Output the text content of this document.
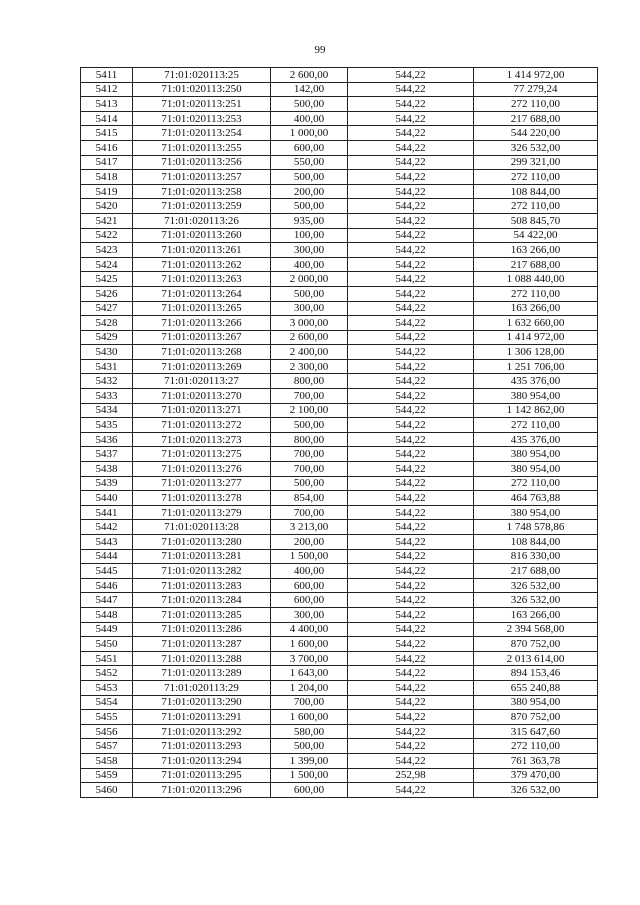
99
5411	71:01:020113:25	2 600,00	544,22	1 414 972,00
5412	71:01:020113:250	142,00	544,22	77 279,24
5413	71:01:020113:251	500,00	544,22	272 110,00
5414	71:01:020113:253	400,00	544,22	217 688,00
5415	71:01:020113:254	1 000,00	544,22	544 220,00
5416	71:01:020113:255	600,00	544,22	326 532,00
5417	71:01:020113:256	550,00	544,22	299 321,00
5418	71:01:020113:257	500,00	544,22	272 110,00
5419	71:01:020113:258	200,00	544,22	108 844,00
5420	71:01:020113:259	500,00	544,22	272 110,00
5421	71:01:020113:26	935,00	544,22	508 845,70
5422	71:01:020113:260	100,00	544,22	54 422,00
5423	71:01:020113:261	300,00	544,22	163 266,00
5424	71:01:020113:262	400,00	544,22	217 688,00
5425	71:01:020113:263	2 000,00	544,22	1 088 440,00
5426	71:01:020113:264	500,00	544,22	272 110,00
5427	71:01:020113:265	300,00	544,22	163 266,00
5428	71:01:020113:266	3 000,00	544,22	1 632 660,00
5429	71:01:020113:267	2 600,00	544,22	1 414 972,00
5430	71:01:020113:268	2 400,00	544,22	1 306 128,00
5431	71:01:020113:269	2 300,00	544,22	1 251 706,00
5432	71:01:020113:27	800,00	544,22	435 376,00
5433	71:01:020113:270	700,00	544,22	380 954,00
5434	71:01:020113:271	2 100,00	544,22	1 142 862,00
5435	71:01:020113:272	500,00	544,22	272 110,00
5436	71:01:020113:273	800,00	544,22	435 376,00
5437	71:01:020113:275	700,00	544,22	380 954,00
5438	71:01:020113:276	700,00	544,22	380 954,00
5439	71:01:020113:277	500,00	544,22	272 110,00
5440	71:01:020113:278	854,00	544,22	464 763,88
5441	71:01:020113:279	700,00	544,22	380 954,00
5442	71:01:020113:28	3 213,00	544,22	1 748 578,86
5443	71:01:020113:280	200,00	544,22	108 844,00
5444	71:01:020113:281	1 500,00	544,22	816 330,00
5445	71:01:020113:282	400,00	544,22	217 688,00
5446	71:01:020113:283	600,00	544,22	326 532,00
5447	71:01:020113:284	600,00	544,22	326 532,00
5448	71:01:020113:285	300,00	544,22	163 266,00
5449	71:01:020113:286	4 400,00	544,22	2 394 568,00
5450	71:01:020113:287	1 600,00	544,22	870 752,00
5451	71:01:020113:288	3 700,00	544,22	2 013 614,00
5452	71:01:020113:289	1 643,00	544,22	894 153,46
5453	71:01:020113:29	1 204,00	544,22	655 240,88
5454	71:01:020113:290	700,00	544,22	380 954,00
5455	71:01:020113:291	1 600,00	544,22	870 752,00
5456	71:01:020113:292	580,00	544,22	315 647,60
5457	71:01:020113:293	500,00	544,22	272 110,00
5458	71:01:020113:294	1 399,00	544,22	761 363,78
5459	71:01:020113:295	1 500,00	252,98	379 470,00
5460	71:01:020113:296	600,00	544,22	326 532,00
